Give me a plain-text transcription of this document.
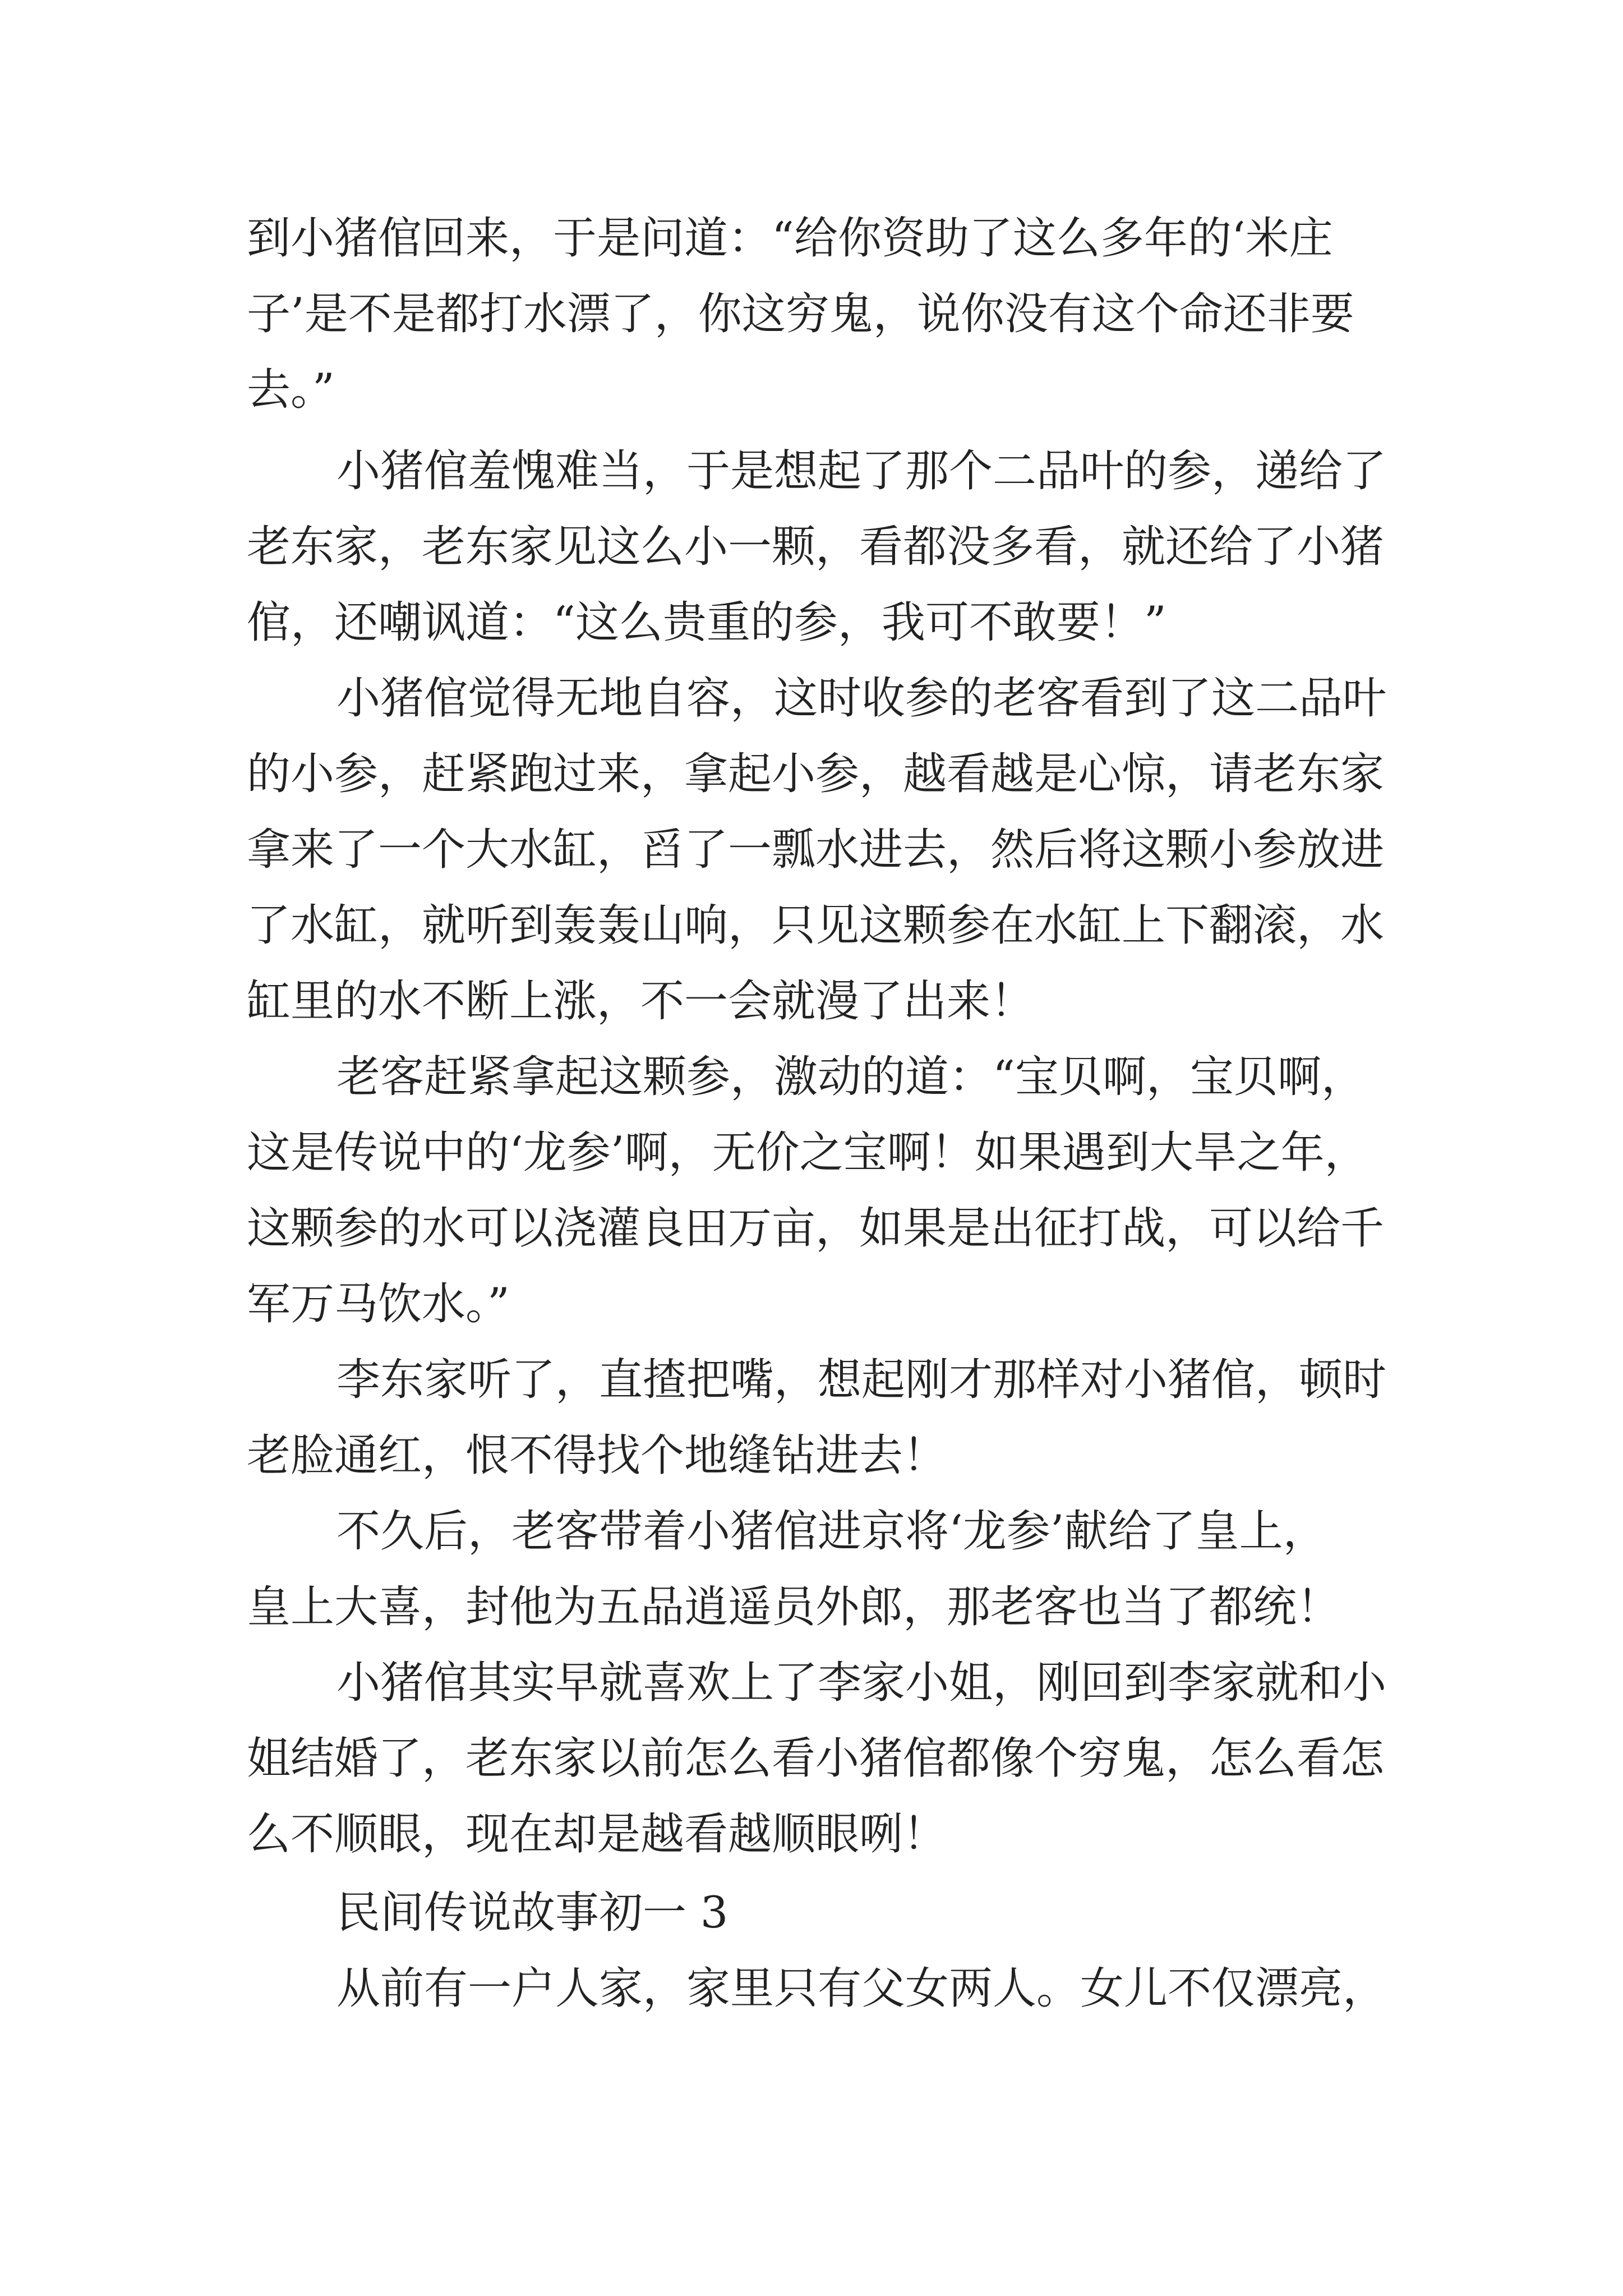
到小猪倌回来，于是问道：“给你资助了这么多年的‘米庄
子’是不是都打水漂了，你这穷鬼，说你没有这个命还非要
去。”
小猪倌羞愧难当，于是想起了那个二品叶的参，递给了
老东家，老东家见这么小一颗，看都没多看，就还给了小猪
倌，还嘲讽道：“这么贵重的参，我可不敢要！”
小猪倌觉得无地自容，这时收参的老客看到了这二品叶
的小参，赶紧跑过来，拿起小参，越看越是心惊，请老东家
拿来了一个大水缸，舀了一瓢水进去，然后将这颗小参放进
了水缸，就听到轰轰山响，只见这颗参在水缸上下翻滚，水
缸里的水不断上涨，不一会就漫了出来！
老客赶紧拿起这颗参，激动的道：“宝贝啊，宝贝啊，
这是传说中的‘龙参’啊，无价之宝啊！如果遇到大旱之年，
这颗参的水可以浇灌良田万亩，如果是出征打战，可以给千
军万马饮水。”
李东家听了，直揸把嘴，想起刚才那样对小猪倌，顿时
老脸通红，恨不得找个地缝钻进去！
不久后，老客带着小猪倌进京将‘龙参’献给了皇上，
皇上大喜，封他为五品逍遥员外郎，那老客也当了都统！
小猪倌其实早就喜欢上了李家小姐，刚回到李家就和小
姐结婚了，老东家以前怎么看小猪倌都像个穷鬼，怎么看怎
么不顺眼，现在却是越看越顺眼咧！
民间传说故事初一 3
从前有一户人家，家里只有父女两人。女儿不仅漂亮，
